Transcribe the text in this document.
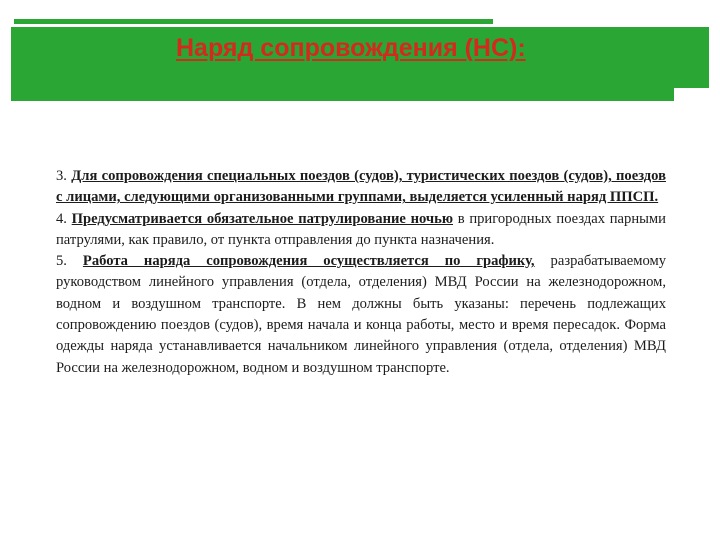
Наряд сопровождения (НС):

3. Для сопровождения специальных поездов (судов), туристических поездов (судов), поездов с лицами, следующими организованными группами, выделяется усиленный наряд ППСП.

4. Предусматривается обязательное патрулирование ночью в пригородных поездах парными патрулями, как правило, от пункта отправления до пункта назначения.

5. Работа наряда сопровождения осуществляется по графику, разрабатываемому руководством линейного управления (отдела, отделения) МВД России на железнодорожном, водном и воздушном транспорте. В нем должны быть указаны: перечень подлежащих сопровождению поездов (судов), время начала и конца работы, место и время пересадок. Форма одежды наряда устанавливается начальником линейного управления (отдела, отделения) МВД России на железнодорожном, водном и воздушном транспорте.
